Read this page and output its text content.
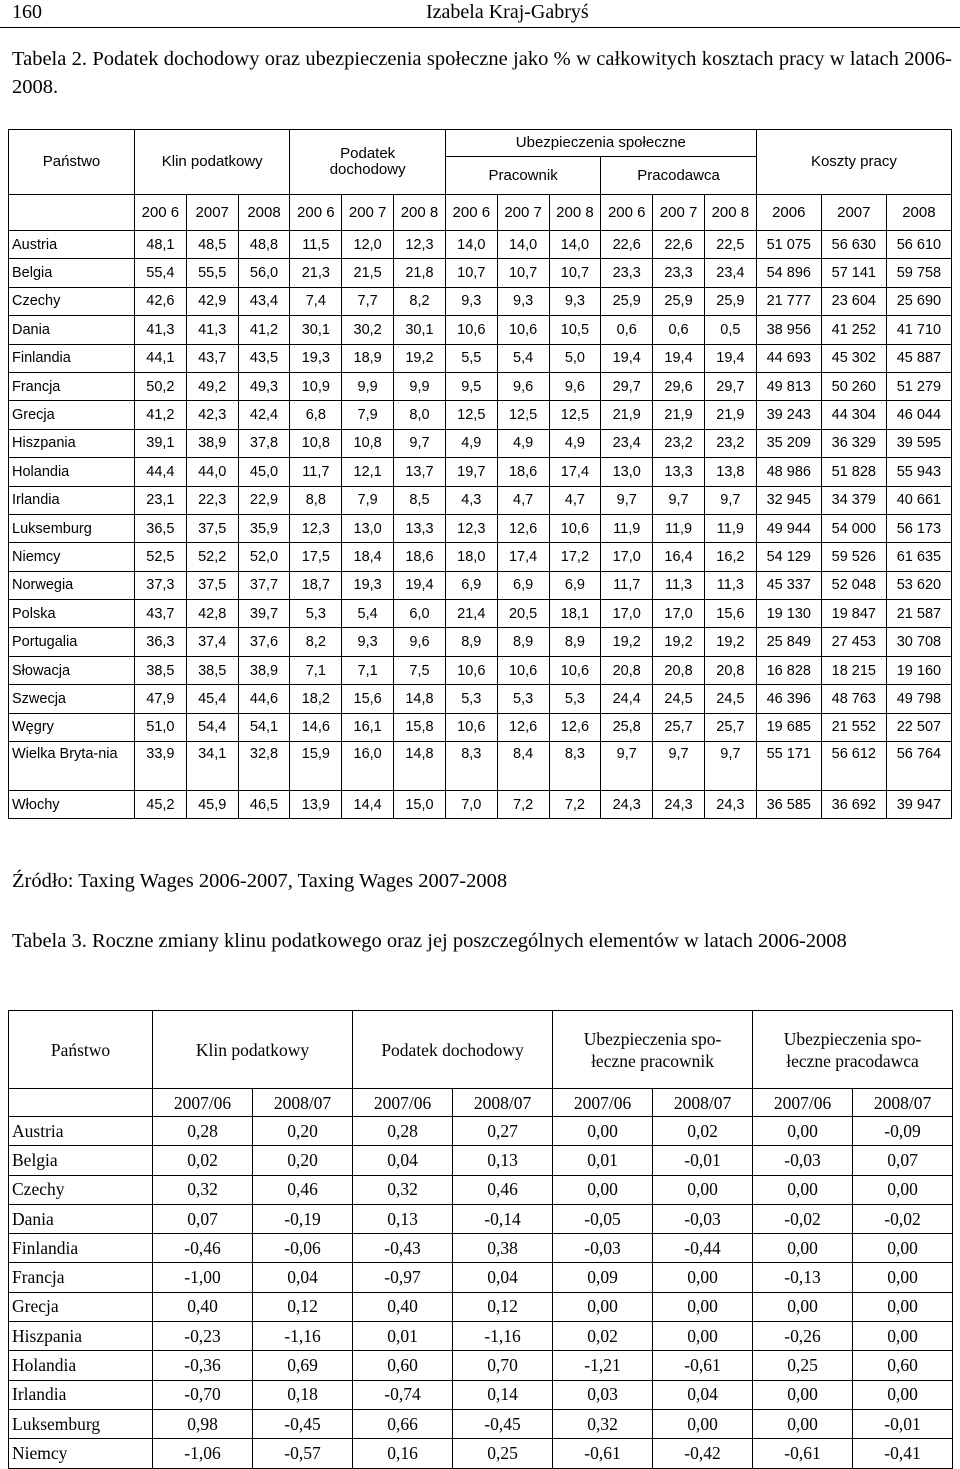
160	Izabela Kraj-Gabryś
Tabela 2. Podatek dochodowy oraz ubezpieczenia społeczne jako % w całkowitych kosztach pracy w latach 2006-2008.
Państwo	Klin podatkowy			Podatek dochodowy			Ubezpieczenia społeczne						Koszty pracy		
							Pracownik			Pracodawca					
	200 6	2007	2008	200 6	200 7	200 8	200 6	200 7	200 8	200 6	200 7	200 8	2006	2007	2008
Austria	48,1	48,5	48,8	11,5	12,0	12,3	14,0	14,0	14,0	22,6	22,6	22,5	51 075	56 630	56 610
Belgia	55,4	55,5	56,0	21,3	21,5	21,8	10,7	10,7	10,7	23,3	23,3	23,4	54 896	57 141	59 758
Czechy	42,6	42,9	43,4	7,4	7,7	8,2	9,3	9,3	9,3	25,9	25,9	25,9	21 777	23 604	25 690
Dania	41,3	41,3	41,2	30,1	30,2	30,1	10,6	10,6	10,5	0,6	0,6	0,5	38 956	41 252	41 710
Finlandia	44,1	43,7	43,5	19,3	18,9	19,2	5,5	5,4	5,0	19,4	19,4	19,4	44 693	45 302	45 887
Francja	50,2	49,2	49,3	10,9	9,9	9,9	9,5	9,6	9,6	29,7	29,6	29,7	49 813	50 260	51 279
Grecja	41,2	42,3	42,4	6,8	7,9	8,0	12,5	12,5	12,5	21,9	21,9	21,9	39 243	44 304	46 044
Hiszpania	39,1	38,9	37,8	10,8	10,8	9,7	4,9	4,9	4,9	23,4	23,2	23,2	35 209	36 329	39 595
Holandia	44,4	44,0	45,0	11,7	12,1	13,7	19,7	18,6	17,4	13,0	13,3	13,8	48 986	51 828	55 943
Irlandia	23,1	22,3	22,9	8,8	7,9	8,5	4,3	4,7	4,7	9,7	9,7	9,7	32 945	34 379	40 661
Luksemburg	36,5	37,5	35,9	12,3	13,0	13,3	12,3	12,6	10,6	11,9	11,9	11,9	49 944	54 000	56 173
Niemcy	52,5	52,2	52,0	17,5	18,4	18,6	18,0	17,4	17,2	17,0	16,4	16,2	54 129	59 526	61 635
Norwegia	37,3	37,5	37,7	18,7	19,3	19,4	6,9	6,9	6,9	11,7	11,3	11,3	45 337	52 048	53 620
Polska	43,7	42,8	39,7	5,3	5,4	6,0	21,4	20,5	18,1	17,0	17,0	15,6	19 130	19 847	21 587
Portugalia	36,3	37,4	37,6	8,2	9,3	9,6	8,9	8,9	8,9	19,2	19,2	19,2	25 849	27 453	30 708
Słowacja	38,5	38,5	38,9	7,1	7,1	7,5	10,6	10,6	10,6	20,8	20,8	20,8	16 828	18 215	19 160
Szwecja	47,9	45,4	44,6	18,2	15,6	14,8	5,3	5,3	5,3	24,4	24,5	24,5	46 396	48 763	49 798
Węgry	51,0	54,4	54,1	14,6	16,1	15,8	10,6	12,6	12,6	25,8	25,7	25,7	19 685	21 552	22 507
Wielka Bryta-nia	33,9	34,1	32,8	15,9	16,0	14,8	8,3	8,4	8,3	9,7	9,7	9,7	55 171	56 612	56 764
Włochy	45,2	45,9	46,5	13,9	14,4	15,0	7,0	7,2	7,2	24,3	24,3	24,3	36 585	36 692	39 947
Źródło: Taxing Wages 2006-2007, Taxing Wages 2007-2008
Tabela 3. Roczne zmiany klinu podatkowego oraz jej poszczególnych elementów w latach 2006-2008
Państwo	Klin podatkowy		Podatek dochodowy		Ubezpieczenia spo-łeczne pracownik		Ubezpieczenia spo-łeczne pracodawca	
	2007/06	2008/07	2007/06	2008/07	2007/06	2008/07	2007/06	2008/07
Austria	0,28	0,20	0,28	0,27	0,00	0,02	0,00	-0,09
Belgia	0,02	0,20	0,04	0,13	0,01	-0,01	-0,03	0,07
Czechy	0,32	0,46	0,32	0,46	0,00	0,00	0,00	0,00
Dania	0,07	-0,19	0,13	-0,14	-0,05	-0,03	-0,02	-0,02
Finlandia	-0,46	-0,06	-0,43	0,38	-0,03	-0,44	0,00	0,00
Francja	-1,00	0,04	-0,97	0,04	0,09	0,00	-0,13	0,00
Grecja	0,40	0,12	0,40	0,12	0,00	0,00	0,00	0,00
Hiszpania	-0,23	-1,16	0,01	-1,16	0,02	0,00	-0,26	0,00
Holandia	-0,36	0,69	0,60	0,70	-1,21	-0,61	0,25	0,60
Irlandia	-0,70	0,18	-0,74	0,14	0,03	0,04	0,00	0,00
Luksemburg	0,98	-0,45	0,66	-0,45	0,32	0,00	0,00	-0,01
Niemcy	-1,06	-0,57	0,16	0,25	-0,61	-0,42	-0,61	-0,41
